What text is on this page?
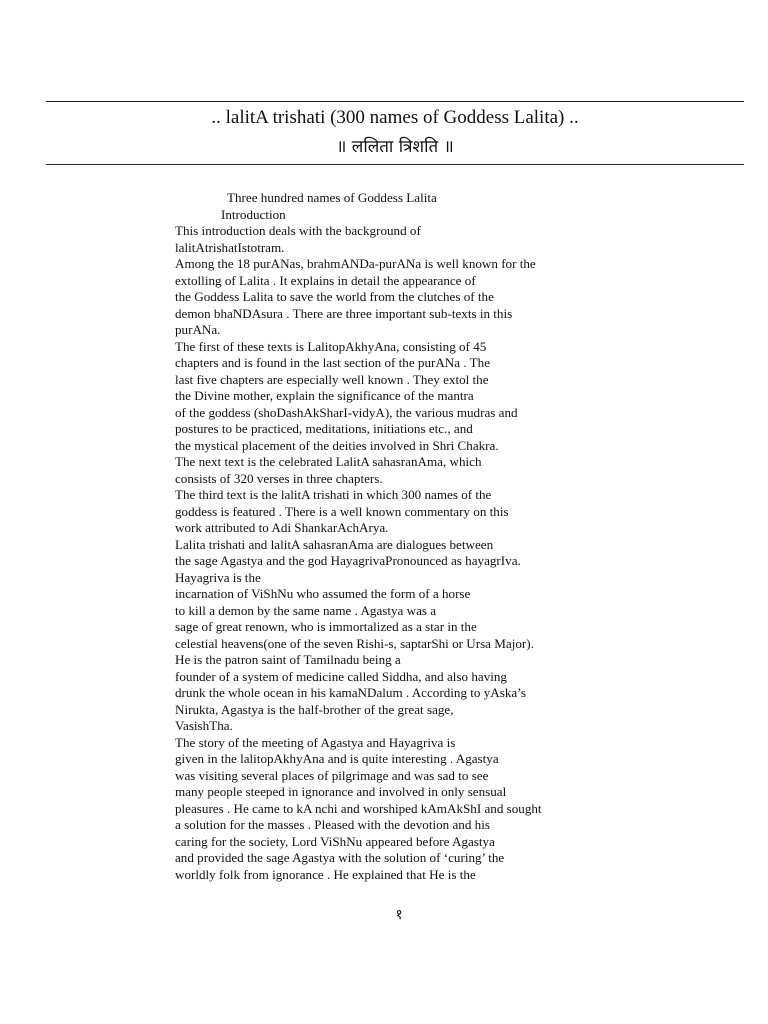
.. lalitA trishati (300 names of Goddess Lalita) ..
॥ ललिता त्रिशति ॥
Three hundred names of Goddess Lalita
Introduction
This introduction deals with the background of
lalitAtrishatIstotram.
Among the 18 purANas, brahmANDa-purANa is well known for the
extolling of Lalita . It explains in detail the appearance of
the Goddess Lalita to save the world from the clutches of the
demon bhaNDAsura . There are three important sub-texts in this
purANa.
The first of these texts is LalitopAkhyAna, consisting of 45
chapters and is found in the last section of the purANa . The
last five chapters are especially well known . They extol the
the Divine mother, explain the significance of the mantra
of the goddess (shoDashAkSharI-vidyA), the various mudras and
postures to be practiced, meditations, initiations etc., and
the mystical placement of the deities involved in Shri Chakra.
The next text is the celebrated LalitA sahasranAma, which
consists of 320 verses in three chapters.
The third text is the lalitA trishati in which 300 names of the
goddess is featured . There is a well known commentary on this
work attributed to Adi ShankarAchArya.
Lalita trishati and lalitA sahasranAma are dialogues between
the sage Agastya and the god HayagrivaPronounced as hayagrIva.
Hayagriva is the
incarnation of ViShNu who assumed the form of a horse
to kill a demon by the same name . Agastya was a
sage of great renown, who is immortalized as a star in the
celestial heavens(one of the seven Rishi-s, saptarShi or Ursa Major).
He is the patron saint of Tamilnadu being a
founder of a system of medicine called Siddha, and also having
drunk the whole ocean in his kamaNDalum . According to yAska’s
Nirukta, Agastya is the half-brother of the great sage,
VasishTha.
The story of the meeting of Agastya and Hayagriva is
given in the lalitopAkhyAna and is quite interesting . Agastya
was visiting several places of pilgrimage and was sad to see
many people steeped in ignorance and involved in only sensual
pleasures . He came to kA nchi and worshiped kAmAkShI and sought
a solution for the masses . Pleased with the devotion and his
caring for the society, Lord ViShNu appeared before Agastya
and provided the sage Agastya with the solution of ‘curing’ the
worldly folk from ignorance . He explained that He is the
१
